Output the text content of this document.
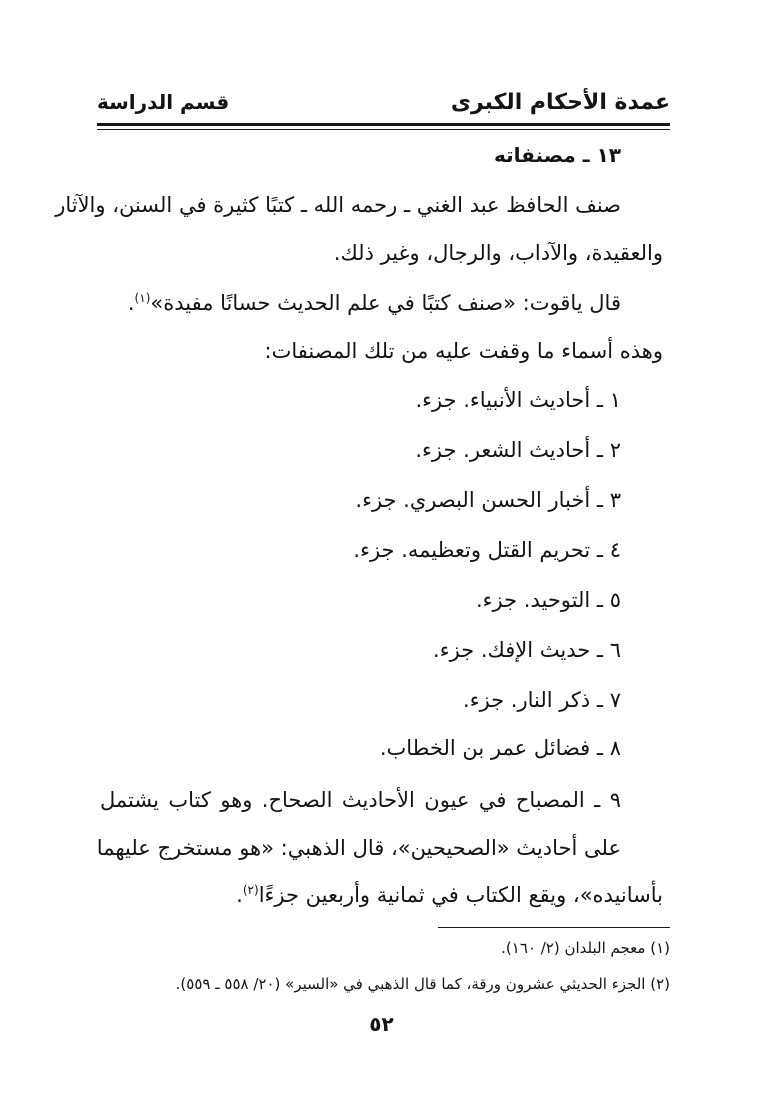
عمدة الأحكام الكبرى
قسم الدراسة
١٣ ـ مصنفاته
صنف الحافظ عبد الغني ـ رحمه الله ـ كتبًا كثيرة في السنن، والآثار
والعقيدة، والآداب، والرجال، وغير ذلك.
قال ياقوت: «صنف كتبًا في علم الحديث حسانًا مفيدة»$^{(١)}$.
وهذه أسماء ما وقفت عليه من تلك المصنفات:
١ ـ أحاديث الأنبياء. جزء.
٢ ـ أحاديث الشعر. جزء.
٣ ـ أخبار الحسن البصري. جزء.
٤ ـ تحريم القتل وتعظيمه. جزء.
٥ ـ التوحيد. جزء.
٦ ـ حديث الإفك. جزء.
٧ ـ ذكر النار. جزء.
٨ ـ فضائل عمر بن الخطاب.
٩ ـ المصباح في عيون الأحاديث الصحاح. وهو كتاب يشتمل
على أحاديث «الصحيحين»، قال الذهبي: «هو مستخرج عليهما
بأسانيده»، ويقع الكتاب في ثمانية وأربعين جزءًا$^{(٢)}$.
(١) معجم البلدان (٢/ ١٦٠).
(٢) الجزء الحديثي عشرون ورقة، كما قال الذهبي في «السير» (٢٠/ ٥٥٨ ـ ٥٥٩).
٥٢
